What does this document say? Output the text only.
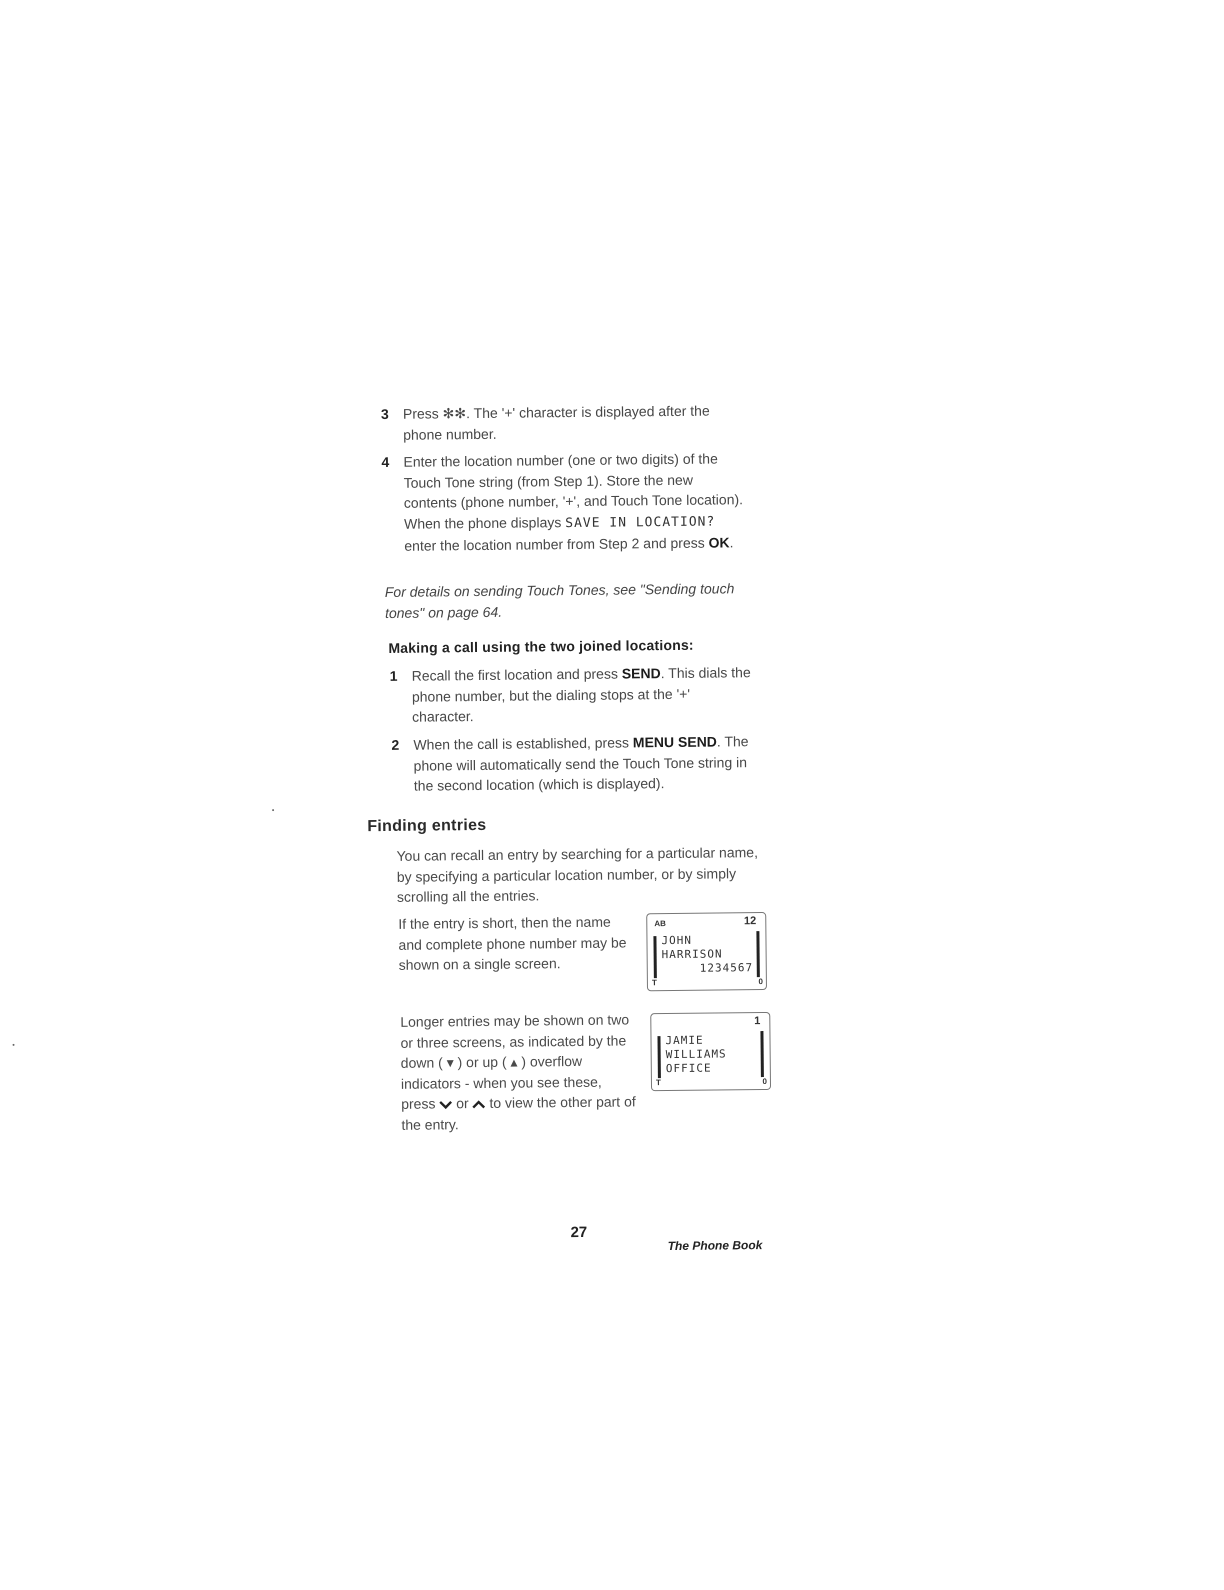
3 Press ✻✻. The '+' character is displayed after the phone number.
4 Enter the location number (one or two digits) of the Touch Tone string (from Step 1). Store the new contents (phone number, '+', and Touch Tone location). When the phone displays SAVE IN LOCATION? enter the location number from Step 2 and press OK.
For details on sending Touch Tones, see "Sending touch tones" on page 64.
Making a call using the two joined locations:
1 Recall the first location and press SEND. This dials the phone number, but the dialing stops at the '+' character.
2 When the call is established, press MENU SEND. The phone will automatically send the Touch Tone string in the second location (which is displayed).
Finding entries
You can recall an entry by searching for a particular name, by specifying a particular location number, or by simply scrolling all the entries.
If the entry is short, then the name and complete phone number may be shown on a single screen.
AB	12
JOHN
HARRISON
1234567
T	0
Longer entries may be shown on two or three screens, as indicated by the down ( ▾ ) or up ( ▴ ) overflow indicators - when you see these, press  or  to view the other part of the entry.
1
JAMIE
WILLIAMS
OFFICE
T	0
27
The Phone Book
